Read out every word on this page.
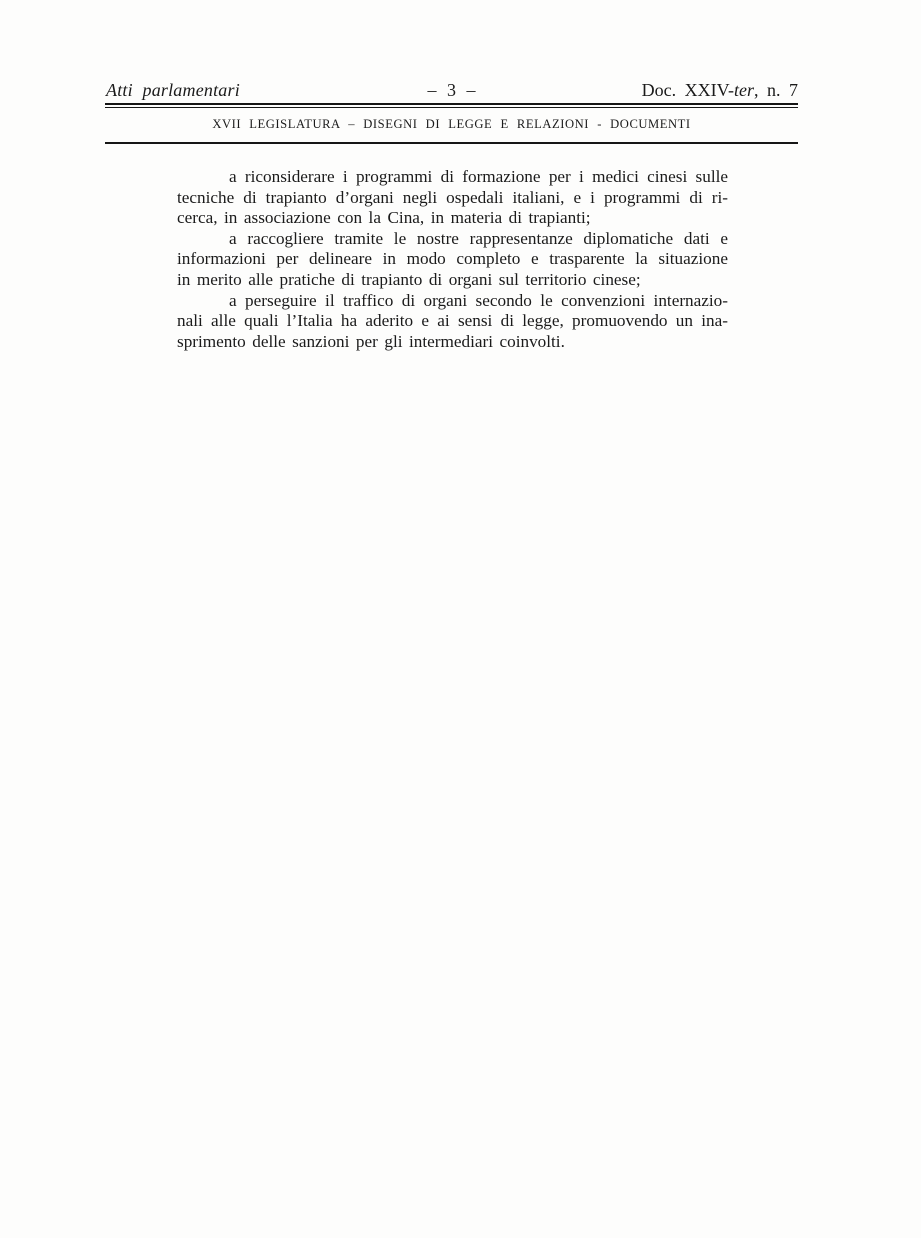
Atti parlamentari	– 3 –	Doc. XXIV-ter, n. 7
XVII LEGISLATURA – DISEGNI DI LEGGE E RELAZIONI - DOCUMENTI
a riconsiderare i programmi di formazione per i medici cinesi sulle
tecniche di trapianto d’organi negli ospedali italiani, e i programmi di ri-
cerca, in associazione con la Cina, in materia di trapianti;
a raccogliere tramite le nostre rappresentanze diplomatiche dati e
informazioni per delineare in modo completo e trasparente la situazione
in merito alle pratiche di trapianto di organi sul territorio cinese;
a perseguire il traffico di organi secondo le convenzioni internazio-
nali alle quali l’Italia ha aderito e ai sensi di legge, promuovendo un ina-
sprimento delle sanzioni per gli intermediari coinvolti.
